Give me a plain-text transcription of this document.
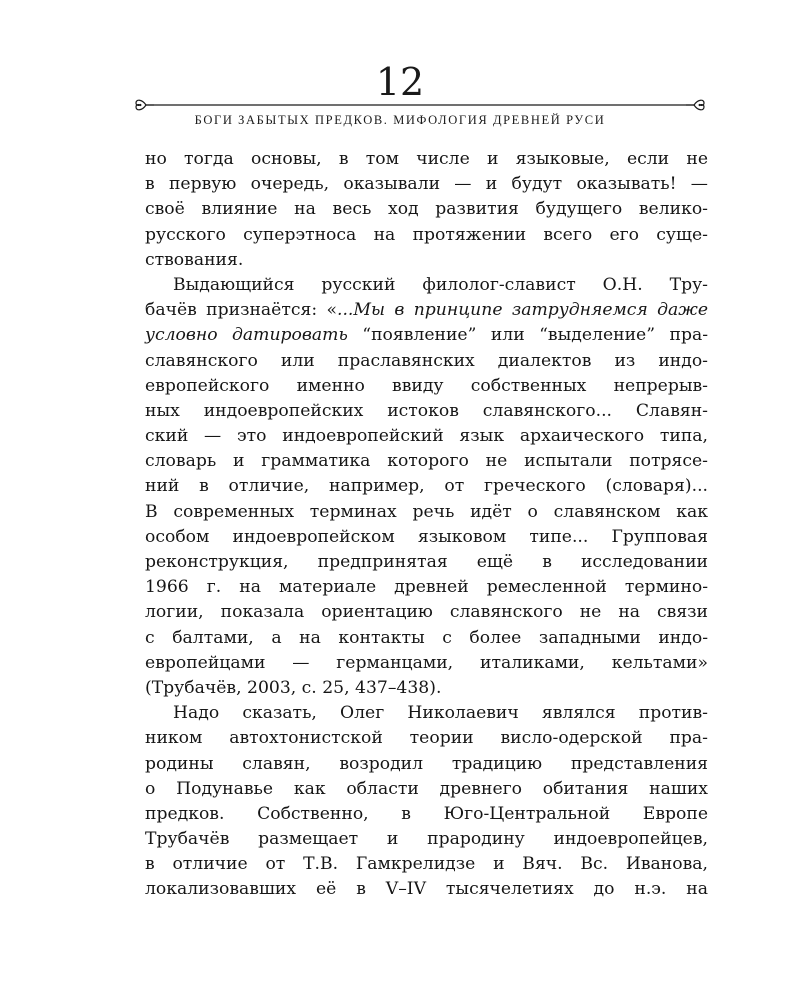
12
БОГИ ЗАБЫТЫХ ПРЕДКОВ. МИФОЛОГИЯ ДРЕВНЕЙ РУСИ
но тогда основы, в том числе и языковые, если не
в первую очередь, оказывали — и будут оказывать! —
своё влияние на весь ход развития будущего велико-
русского суперэтноса на протяжении всего его суще-
ствования.
Выдающийся русский филолог-славист О.Н. Тру-
бачёв признаётся: «...Мы в принципе затрудняемся даже
условно датировать “появление” или “выделение” пра-
славянского или праславянских диалектов из индо-
европейского именно ввиду собственных непрерыв-
ных индоевропейских истоков славянского... Славян-
ский — это индоевропейский язык архаического типа,
словарь и грамматика которого не испытали потрясе-
ний в отличие, например, от греческого (словаря)...
В современных терминах речь идёт о славянском как
особом индоевропейском языковом типе... Групповая
реконструкция, предпринятая ещё в исследовании
1966 г. на материале древней ремесленной термино-
логии, показала ориентацию славянского не на связи
с балтами, а на контакты с более западными индо-
европейцами — германцами, италиками, кельтами»
(Трубачёв, 2003, с. 25, 437–438).
Надо сказать, Олег Николаевич являлся против-
ником автохтонистской теории висло-одерской пра-
родины славян, возродил традицию представления
о Подунавье как области древнего обитания наших
предков. Собственно, в Юго-Центральной Европе
Трубачёв размещает и прародину индоевропейцев,
в отличие от Т.В. Гамкрелидзе и Вяч. Вс. Иванова,
локализовавших её в V–IV тысячелетиях до н.э. на
